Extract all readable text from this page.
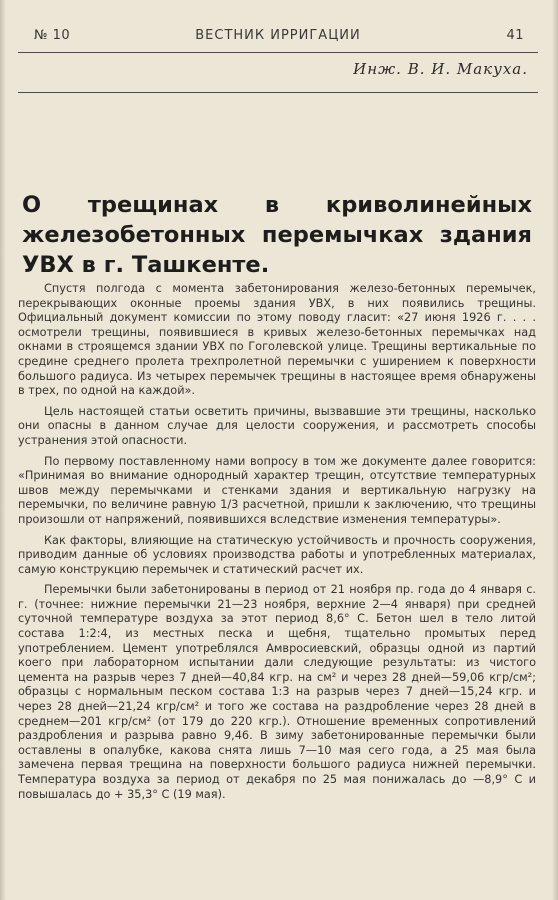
№ 10	ВЕСТНИК ИРРИГАЦИИ	41
Инж. В. И. Макуха.
О трещинах в криволинейных железобетонных перемычках здания УВХ в г. Ташкенте.

Спустя полгода с момента забетонирования железо-бетонных перемычек, перекрывающих оконные проемы здания УВХ, в них появились трещины. Официальный документ комиссии по этому поводу гласит: «27 июня 1926 г. . . . осмотрели трещины, появившиеся в кривых железо-бетонных перемычках над окнами в строящемся здании УВХ по Гоголевской улице. Трещины вертикальные по средине среднего пролета трехпролетной перемычки с уширением к поверхности большого радиуса. Из четырех перемычек трещины в настоящее время обнаружены в трех, по одной на каждой».

Цель настоящей статьи осветить причины, вызвавшие эти трещины, насколько они опасны в данном случае для целости сооружения, и рассмотреть способы устранения этой опасности.

По первому поставленному нами вопросу в том же документе далее говорится: «Принимая во внимание однородный характер трещин, отсутствие температурных швов между перемычками и стенками здания и вертикальную нагрузку на перемычки, по величине равную 1/3 расчетной, пришли к заключению, что трещины произошли от напряжений, появившихся вследствие изменения температуры».

Как факторы, влияющие на статическую устойчивость и прочность сооружения, приводим данные об условиях производства работы и употребленных материалах, самую конструкцию перемычек и статический расчет их.

Перемычки были забетонированы в период от 21 ноября пр. года до 4 января с. г. (точнее: нижние перемычки 21—23 ноября, верхние 2—4 января) при средней суточной температуре воздуха за этот период 8,6° С. Бетон шел в тело литой состава 1:2:4, из местных песка и щебня, тщательно промытых перед употреблением. Цемент употреблялся Амвросиевский, образцы одной из партий коего при лабораторном испытании дали следующие результаты: из чистого цемента на разрыв через 7 дней—40,84 кгр. на см² и через 28 дней—59,06 кгр/см²; образцы с нормальным песком состава 1:3 на разрыв через 7 дней—15,24 кгр. и через 28 дней—21,24 кгр/см² и того же состава на раздробление через 28 дней в среднем—201 кгр/см² (от 179 до 220 кгр.). Отношение временных сопротивлений раздробления и разрыва равно 9,46. В зиму забетонированные перемычки были оставлены в опалубке, какова снята лишь 7—10 мая сего года, а 25 мая была замечена первая трещина на поверхности большого радиуса нижней перемычки. Температура воздуха за период от декабря по 25 мая понижалась до —8,9° С и повышалась до + 35,3° С (19 мая).
